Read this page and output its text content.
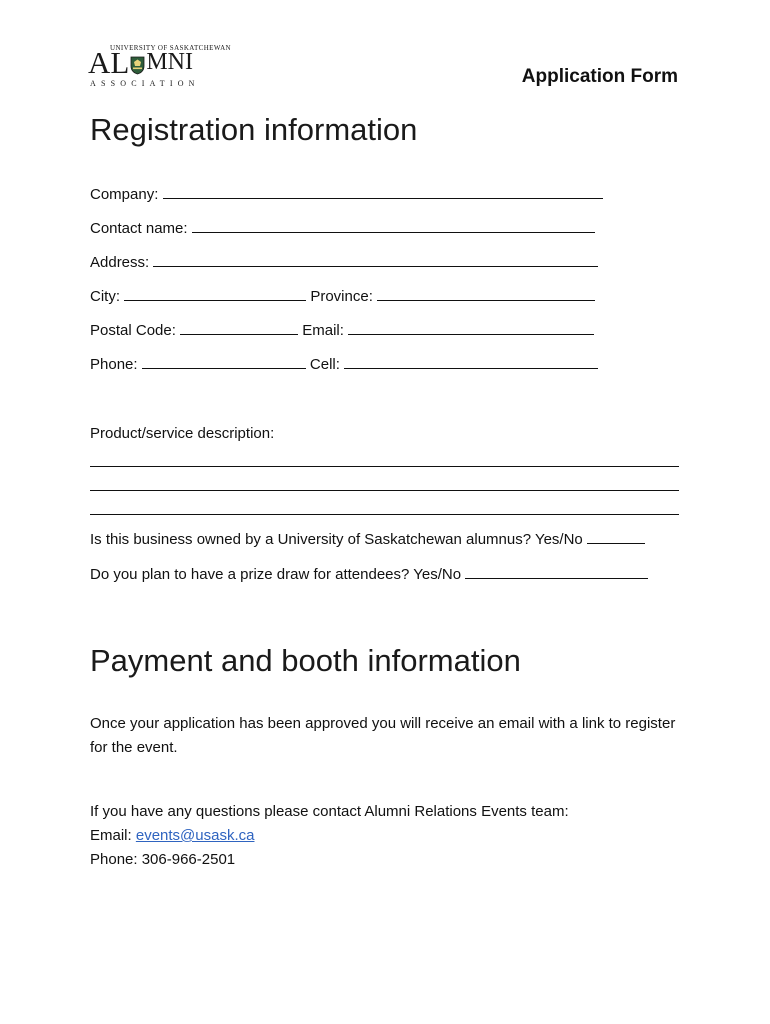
UNIVERSITY OF SASKATCHEWAN
AL MNI
ASSOCIATION	Application Form
Registration information
Company:
Contact name:
Address:
City:	Province:
Postal Code:	Email:
Phone:	Cell:
Product/service description:
Is this business owned by a University of Saskatchewan alumnus? Yes/No
Do you plan to have a prize draw for attendees? Yes/No
Payment and booth information
Once your application has been approved you will receive an email with a link to register for the event.
If you have any questions please contact Alumni Relations Events team:
Email: events@usask.ca
Phone: 306-966-2501
